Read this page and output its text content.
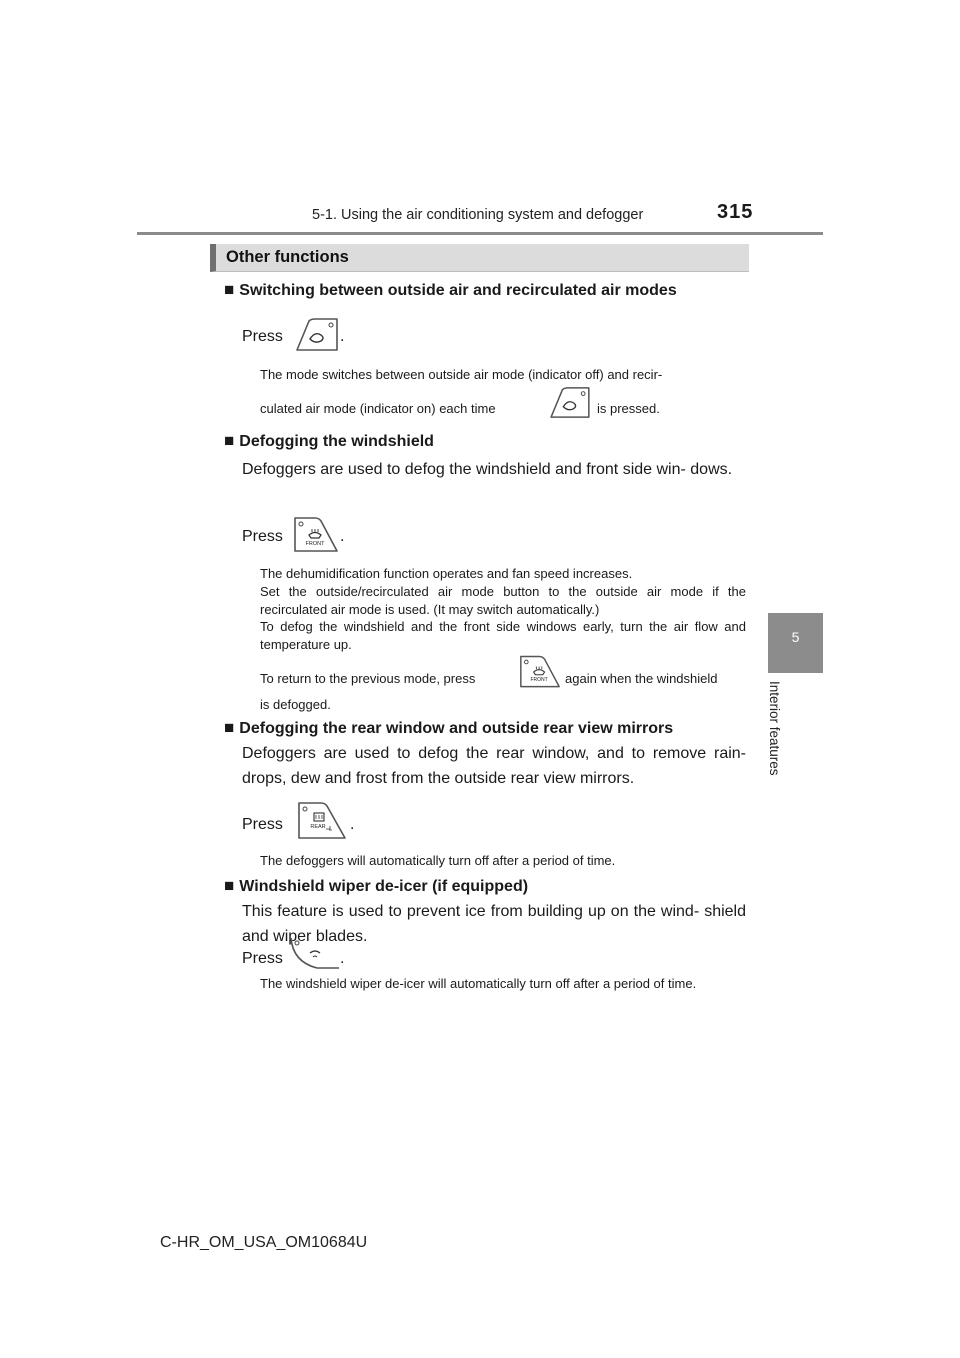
5-1. Using the air conditioning system and defogger	315
5
Interior features
Other functions
■ Switching between outside air and recirculated air modes
Press	.
The mode switches between outside air mode (indicator off) and recir-
culated air mode (indicator on) each time	is pressed.
■ Defogging the windshield
Defoggers are used to defog the windshield and front side win- dows.
Press	FRONT .
The dehumidification function operates and fan speed increases.
Set the outside/recirculated air mode button to the outside air mode if the recirculated air mode is used. (It may switch automatically.)
To defog the windshield and the front side windows early, turn the air flow and temperature up.
To return to the previous mode, press	FRONT again when the windshield
is defogged.
■ Defogging the rear window and outside rear view mirrors
Defoggers are used to defog the rear window, and to remove rain- drops, dew and frost from the outside rear view mirrors.
Press	REAR .
The defoggers will automatically turn off after a period of time.
■ Windshield wiper de-icer (if equipped)
This feature is used to prevent ice from building up on the wind- shield and wiper blades.
Press	.
The windshield wiper de-icer will automatically turn off after a period of time.
C-HR_OM_USA_OM10684U
